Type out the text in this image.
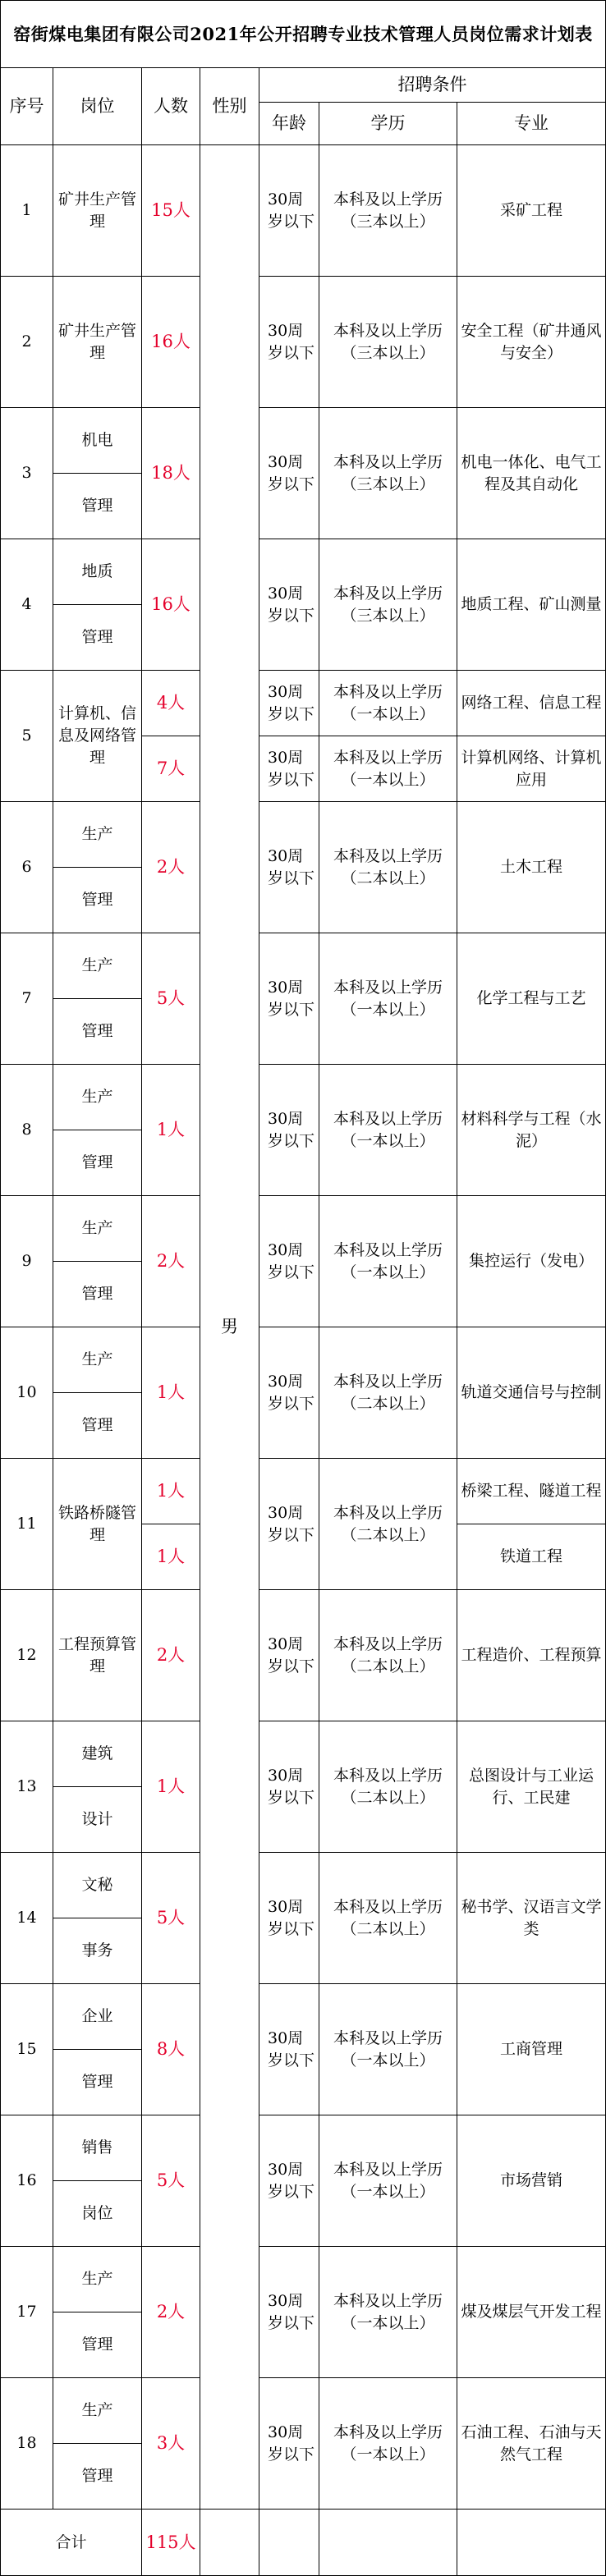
窑街煤电集团有限公司2021年公开招聘专业技术管理人员岗位需求计划表						
序号	岗位	人数	性别	招聘条件		
				年龄	学历	专业
1	矿井生产管理	15人	男	30周岁以下	本科及以上学历（三本以上）	采矿工程

2	矿井生产管理	16人		30周岁以下	本科及以上学历（三本以上）	安全工程（矿井通风与安全）

3	机电	18人		30周岁以下	本科及以上学历（三本以上）	机电一体化、电气工程及其自动化
	管理					
4	地质	16人		30周岁以下	本科及以上学历（三本以上）	地质工程、矿山测量
	管理					
5	计算机、信息及网络管理	4人		30周岁以下	本科及以上学历（一本以上）	网络工程、信息工程
		7人		30周岁以下	本科及以上学历（一本以上）	计算机网络、计算机应用
6	生产	2人		30周岁以下	本科及以上学历（二本以上）	土木工程
	管理					
7	生产	5人		30周岁以下	本科及以上学历（一本以上）	化学工程与工艺
	管理					
8	生产	1人		30周岁以下	本科及以上学历（一本以上）	材料科学与工程（水泥）
	管理					
9	生产	2人		30周岁以下	本科及以上学历（一本以上）	集控运行（发电）
	管理					
10	生产	1人		30周岁以下	本科及以上学历（二本以上）	轨道交通信号与控制
	管理					
11	铁路桥隧管理	1人		30周岁以下	本科及以上学历（二本以上）	桥梁工程、隧道工程
		1人				铁道工程
12	工程预算管理	2人		30周岁以下	本科及以上学历（二本以上）	工程造价、工程预算

13	建筑	1人		30周岁以下	本科及以上学历（二本以上）	总图设计与工业运行、工民建
	设计					
14	文秘	5人		30周岁以下	本科及以上学历（二本以上）	秘书学、汉语言文学类
	事务					
15	企业	8人		30周岁以下	本科及以上学历（一本以上）	工商管理
	管理					
16	销售	5人		30周岁以下	本科及以上学历（一本以上）	市场营销
	岗位					
17	生产	2人		30周岁以下	本科及以上学历（一本以上）	煤及煤层气开发工程
	管理					
18	生产	3人		30周岁以下	本科及以上学历（一本以上）	石油工程、石油与天然气工程
	管理					
合计		115人				
